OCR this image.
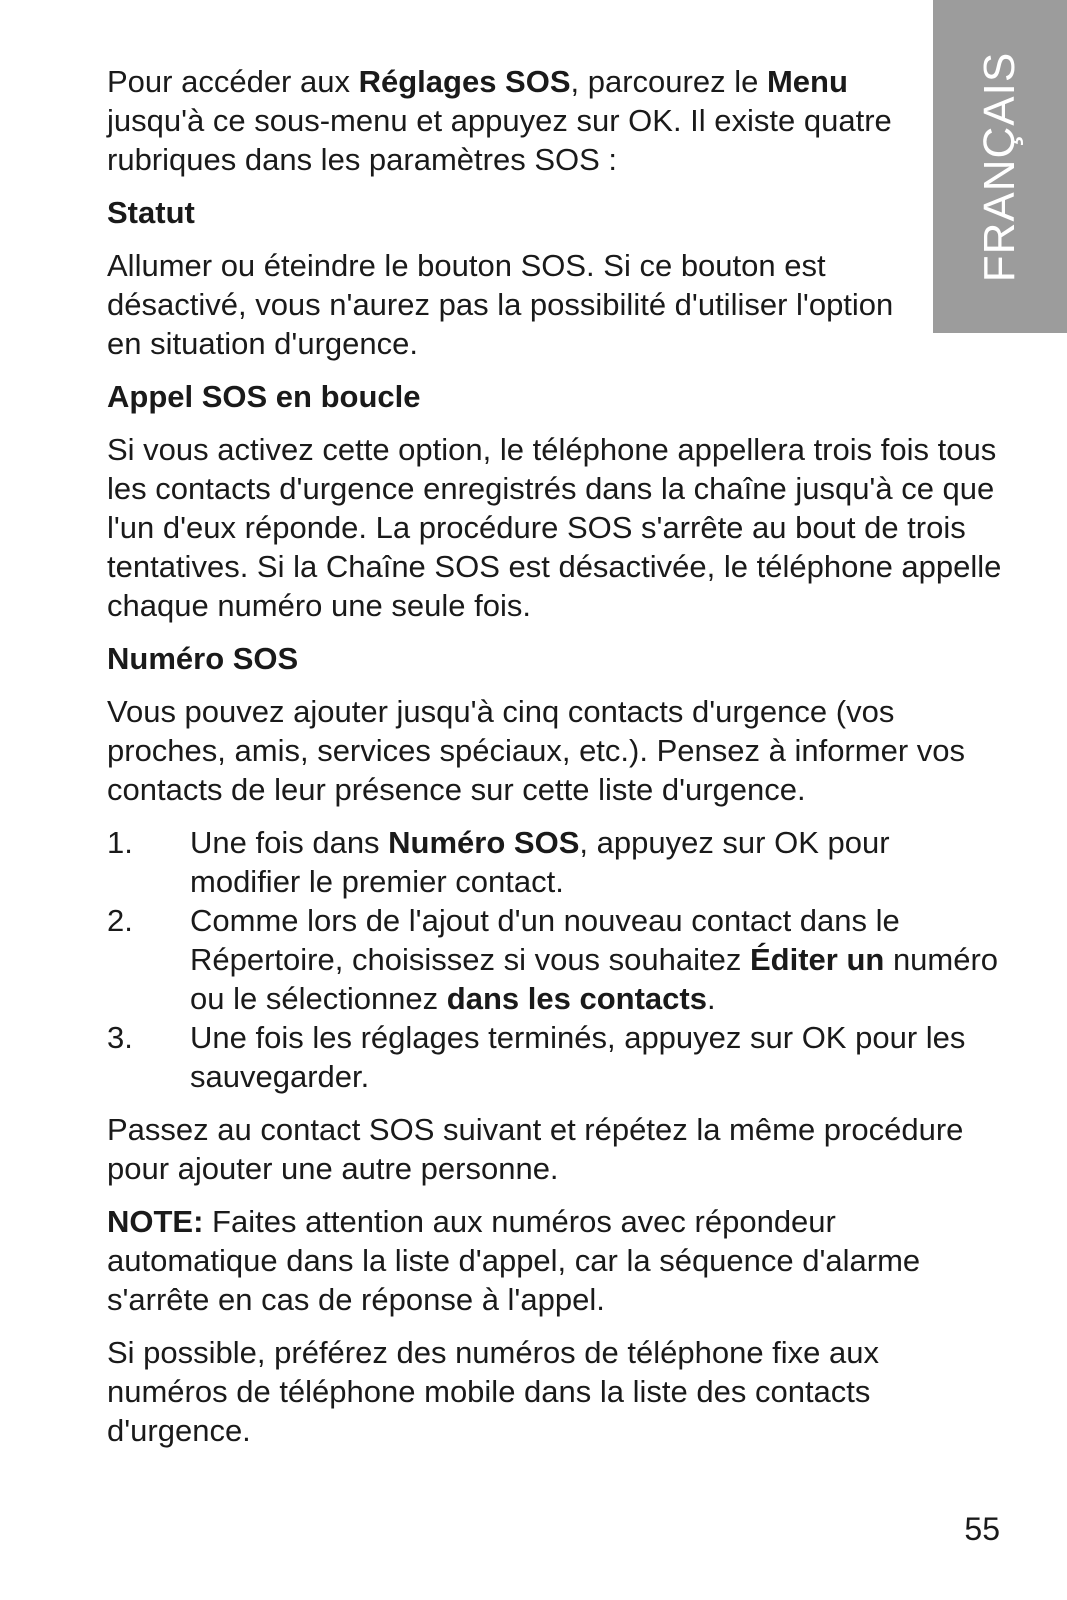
FRANÇAIS

Pour accéder aux Réglages SOS, parcourez le Menu jusqu'à ce sous-menu et appuyez sur OK. Il existe quatre rubriques dans les paramètres SOS :

Statut

Allumer ou éteindre le bouton SOS. Si ce bouton est désactivé, vous n'aurez pas la possibilité d'utiliser l'option en situation d'urgence.

Appel SOS en boucle

Si vous activez cette option, le téléphone appellera trois fois tous les contacts d'urgence enregistrés dans la chaîne jusqu'à ce que l'un d'eux réponde. La procédure SOS s'arrête au bout de trois tentatives. Si la Chaîne SOS est désactivée, le téléphone appelle chaque numéro une seule fois.

Numéro SOS

Vous pouvez ajouter jusqu'à cinq contacts d'urgence (vos proches, amis, services spéciaux, etc.). Pensez à informer vos contacts de leur présence sur cette liste d'urgence.

1.	Une fois dans Numéro SOS, appuyez sur OK pour modifier le premier contact.
2.	Comme lors de l'ajout d'un nouveau contact dans le Répertoire, choisissez si vous souhaitez Éditer un numéro ou le sélectionnez dans les contacts.
3.	Une fois les réglages terminés, appuyez sur OK pour les sauvegarder.

Passez au contact SOS suivant et répétez la même procédure pour ajouter une autre personne.

NOTE: Faites attention aux numéros avec répondeur automatique dans la liste d'appel, car la séquence d'alarme s'arrête en cas de réponse à l'appel.

Si possible, préférez des numéros de téléphone fixe aux numéros de téléphone mobile dans la liste des contacts d'urgence.

55
